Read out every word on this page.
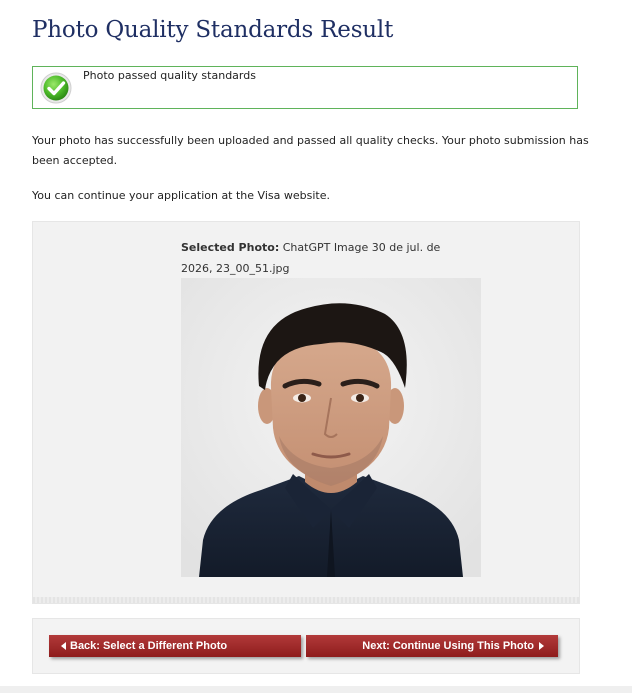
Photo Quality Standards Result
Photo passed quality standards

Your photo has successfully been uploaded and passed all quality checks. Your photo submission has been accepted.

You can continue your application at the Visa website.

Selected Photo: ChatGPT Image 30 de jul. de 2026, 23_00_51.jpg
Back: Select a Different Photo	Next: Continue Using This Photo
